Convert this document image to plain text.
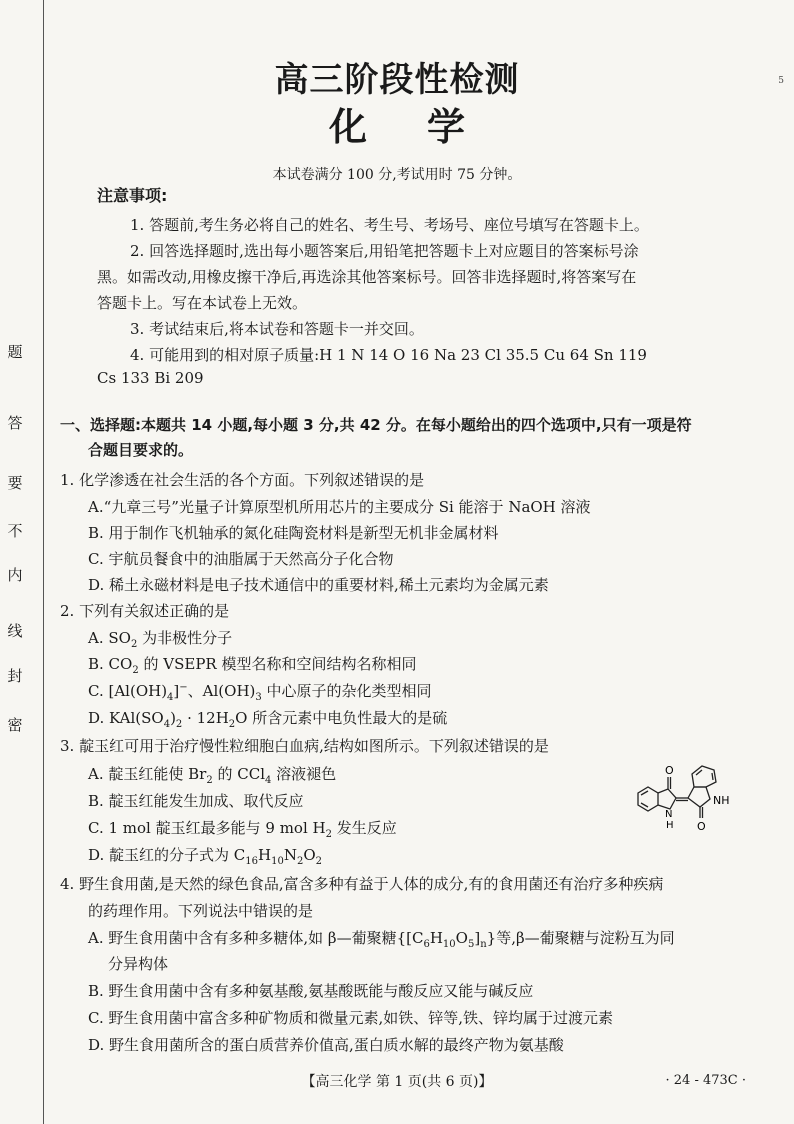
题
答
要
不
内
线
封
密
5
高三阶段性检测
化学
本试卷满分 100 分,考试用时 75 分钟。
注意事项:
1. 答题前,考生务必将自己的姓名、考生号、考场号、座位号填写在答题卡上。
2. 回答选择题时,选出每小题答案后,用铅笔把答题卡上对应题目的答案标号涂
黑。如需改动,用橡皮擦干净后,再选涂其他答案标号。回答非选择题时,将答案写在
答题卡上。写在本试卷上无效。
3. 考试结束后,将本试卷和答题卡一并交回。
4. 可能用到的相对原子质量:H 1 N 14 O 16 Na 23 Cl 35.5 Cu 64 Sn 119
Cs 133 Bi 209
一、选择题:本题共 14 小题,每小题 3 分,共 42 分。在每小题给出的四个选项中,只有一项是符
合题目要求的。
1. 化学渗透在社会生活的各个方面。下列叙述错误的是
A.“九章三号”光量子计算原型机所用芯片的主要成分 Si 能溶于 NaOH 溶液
B. 用于制作飞机轴承的氮化硅陶瓷材料是新型无机非金属材料
C. 宇航员餐食中的油脂属于天然高分子化合物
D. 稀土永磁材料是电子技术通信中的重要材料,稀土元素均为金属元素
2. 下列有关叙述正确的是
A. $SO_2$ 为非极性分子
B. $CO_2$ 的 VSEPR 模型名称和空间结构名称相同
C. $[Al(OH)_4]^-$、$Al(OH)_3$ 中心原子的杂化类型相同
D. $KAl(SO_4)_2 \cdot 12H_2O$ 所含元素中电负性最大的是硫
3. 靛玉红可用于治疗慢性粒细胞白血病,结构如图所示。下列叙述错误的是
A. 靛玉红能使 $Br_2$ 的 CCl$_4$ 溶液褪色
B. 靛玉红能发生加成、取代反应
C. 1 mol 靛玉红最多能与 9 mol $H_2$ 发生反应
D. 靛玉红的分子式为 $C_{16}H_{10}N_2O_2$
O
NH
N
H O
4. 野生食用菌,是天然的绿色食品,富含多种有益于人体的成分,有的食用菌还有治疗多种疾病
的药理作用。下列说法中错误的是
A. 野生食用菌中含有多种多糖体,如 β—葡聚糖$\{[C_6H_{10}O_5]_n\}$等,β—葡聚糖与淀粉互为同
分异构体
B. 野生食用菌中含有多种氨基酸,氨基酸既能与酸反应又能与碱反应
C. 野生食用菌中富含多种矿物质和微量元素,如铁、锌等,铁、锌均属于过渡元素
D. 野生食用菌所含的蛋白质营养价值高,蛋白质水解的最终产物为氨基酸
【高三化学 第 1 页(共 6 页)】	· 24 - 473C ·
